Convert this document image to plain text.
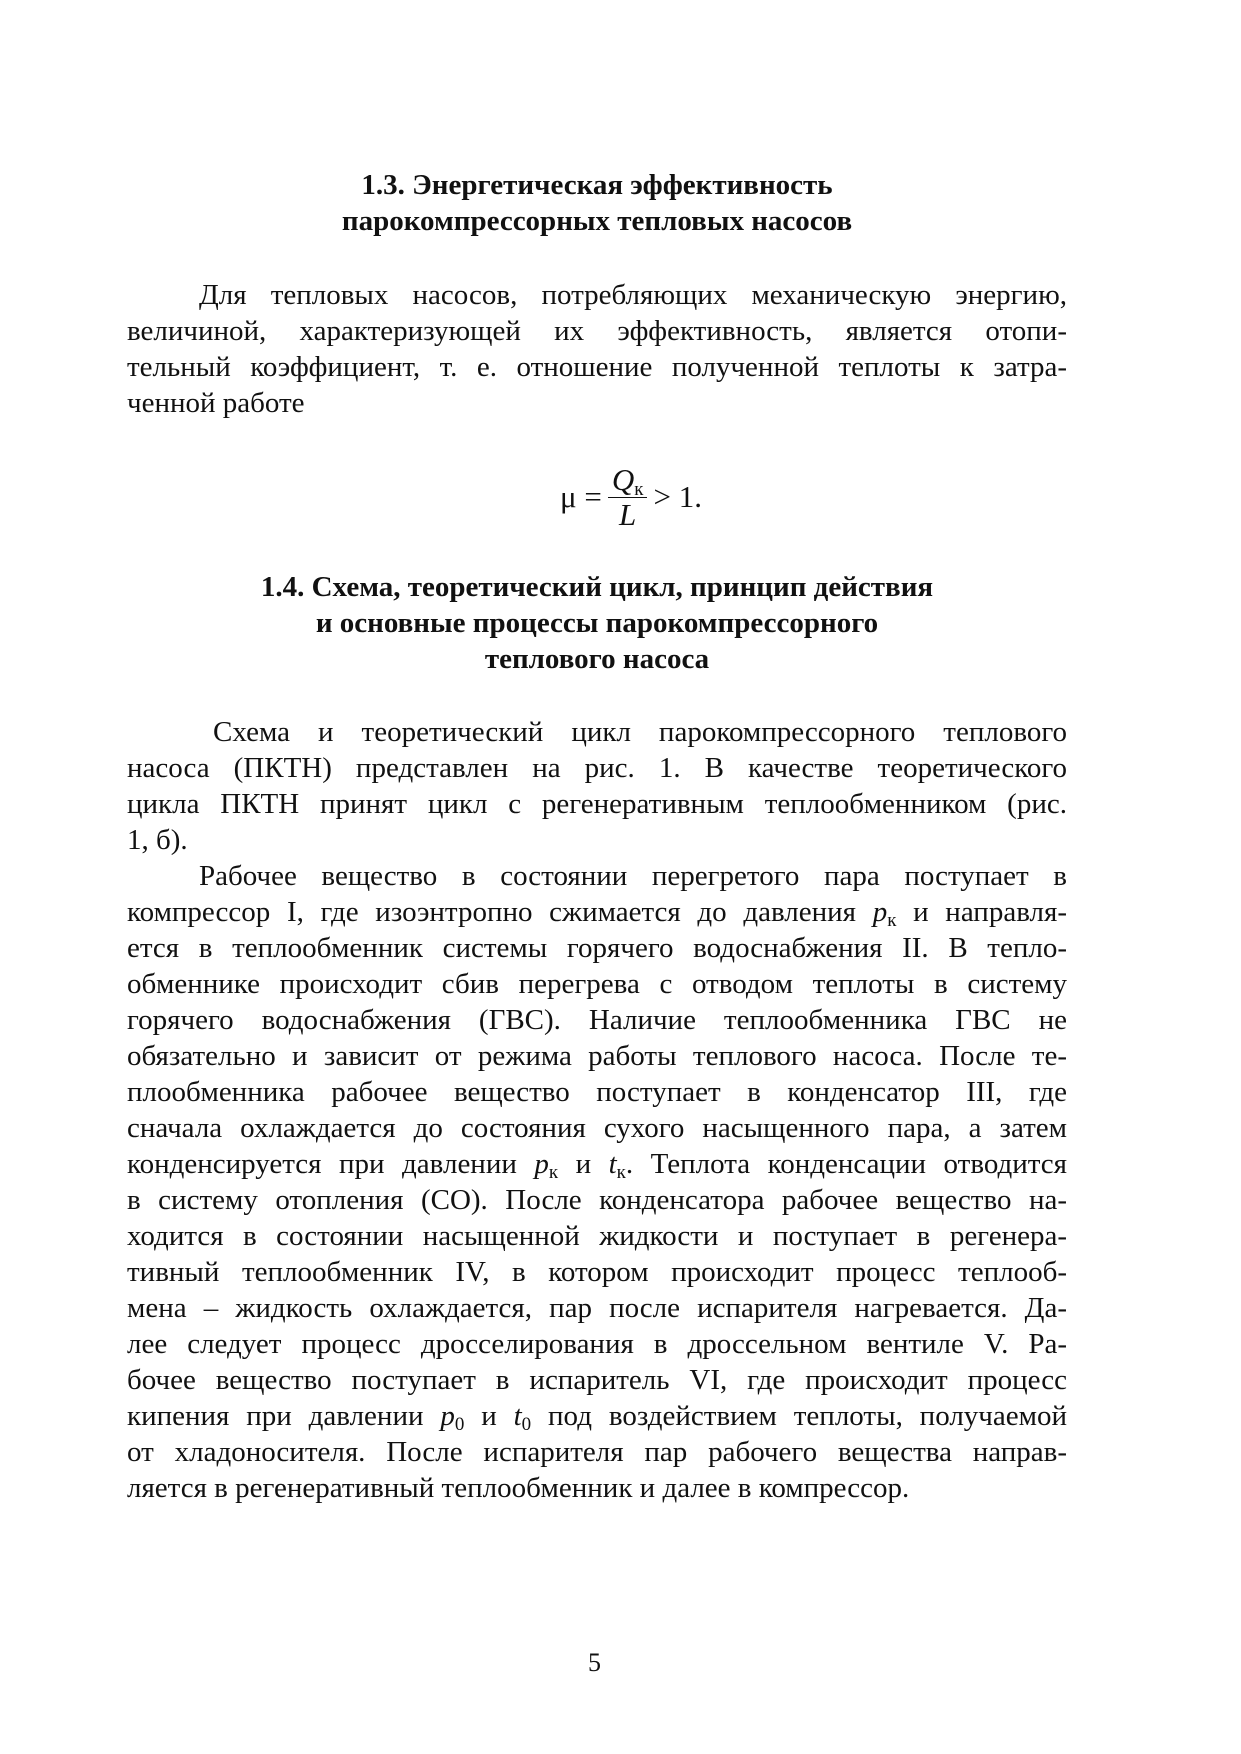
1.3. Энергетическая эффективность
парокомпрессорных тепловых насосов
Для тепловых насосов, потребляющих механическую энергию,
величиной, характеризующей их эффективность, является отопи-
тельный коэффициент, т. е. отношение полученной теплоты к затра-
ченной работе
$\mu = \frac{Q_к}{L} > 1$.
1.4. Схема, теоретический цикл, принцип действия
и основные процессы парокомпрессорного
теплового насоса
Схема и теоретический цикл парокомпрессорного теплового
насоса (ПКТН) представлен на рис. 1. В качестве теоретического
цикла ПКТН принят цикл с регенеративным теплообменником (рис.
1, б).
Рабочее вещество в состоянии перегретого пара поступает в
компрессор I, где изоэнтропно сжимается до давления $p_к$ и направля-
ется в теплообменник системы горячего водоснабжения II. В тепло-
обменнике происходит сбив перегрева с отводом теплоты в систему
горячего водоснабжения (ГВС). Наличие теплообменника ГВС не
обязательно и зависит от режима работы теплового насоса. После те-
плообменника рабочее вещество поступает в конденсатор III, где
сначала охлаждается до состояния сухого насыщенного пара, а затем
конденсируется при давлении $p_к$ и $t_к$. Теплота конденсации отводится
в систему отопления (СО). После конденсатора рабочее вещество на-
ходится в состоянии насыщенной жидкости и поступает в регенера-
тивный теплообменник IV, в котором происходит процесс теплооб-
мена – жидкость охлаждается, пар после испарителя нагревается. Да-
лее следует процесс дросселирования в дроссельном вентиле V. Ра-
бочее вещество поступает в испаритель VI, где происходит процесс
кипения при давлении $p_0$ и $t_0$ под воздействием теплоты, получаемой
от хладоносителя. После испарителя пар рабочего вещества направ-
ляется в регенеративный теплообменник и далее в компрессор.
5
